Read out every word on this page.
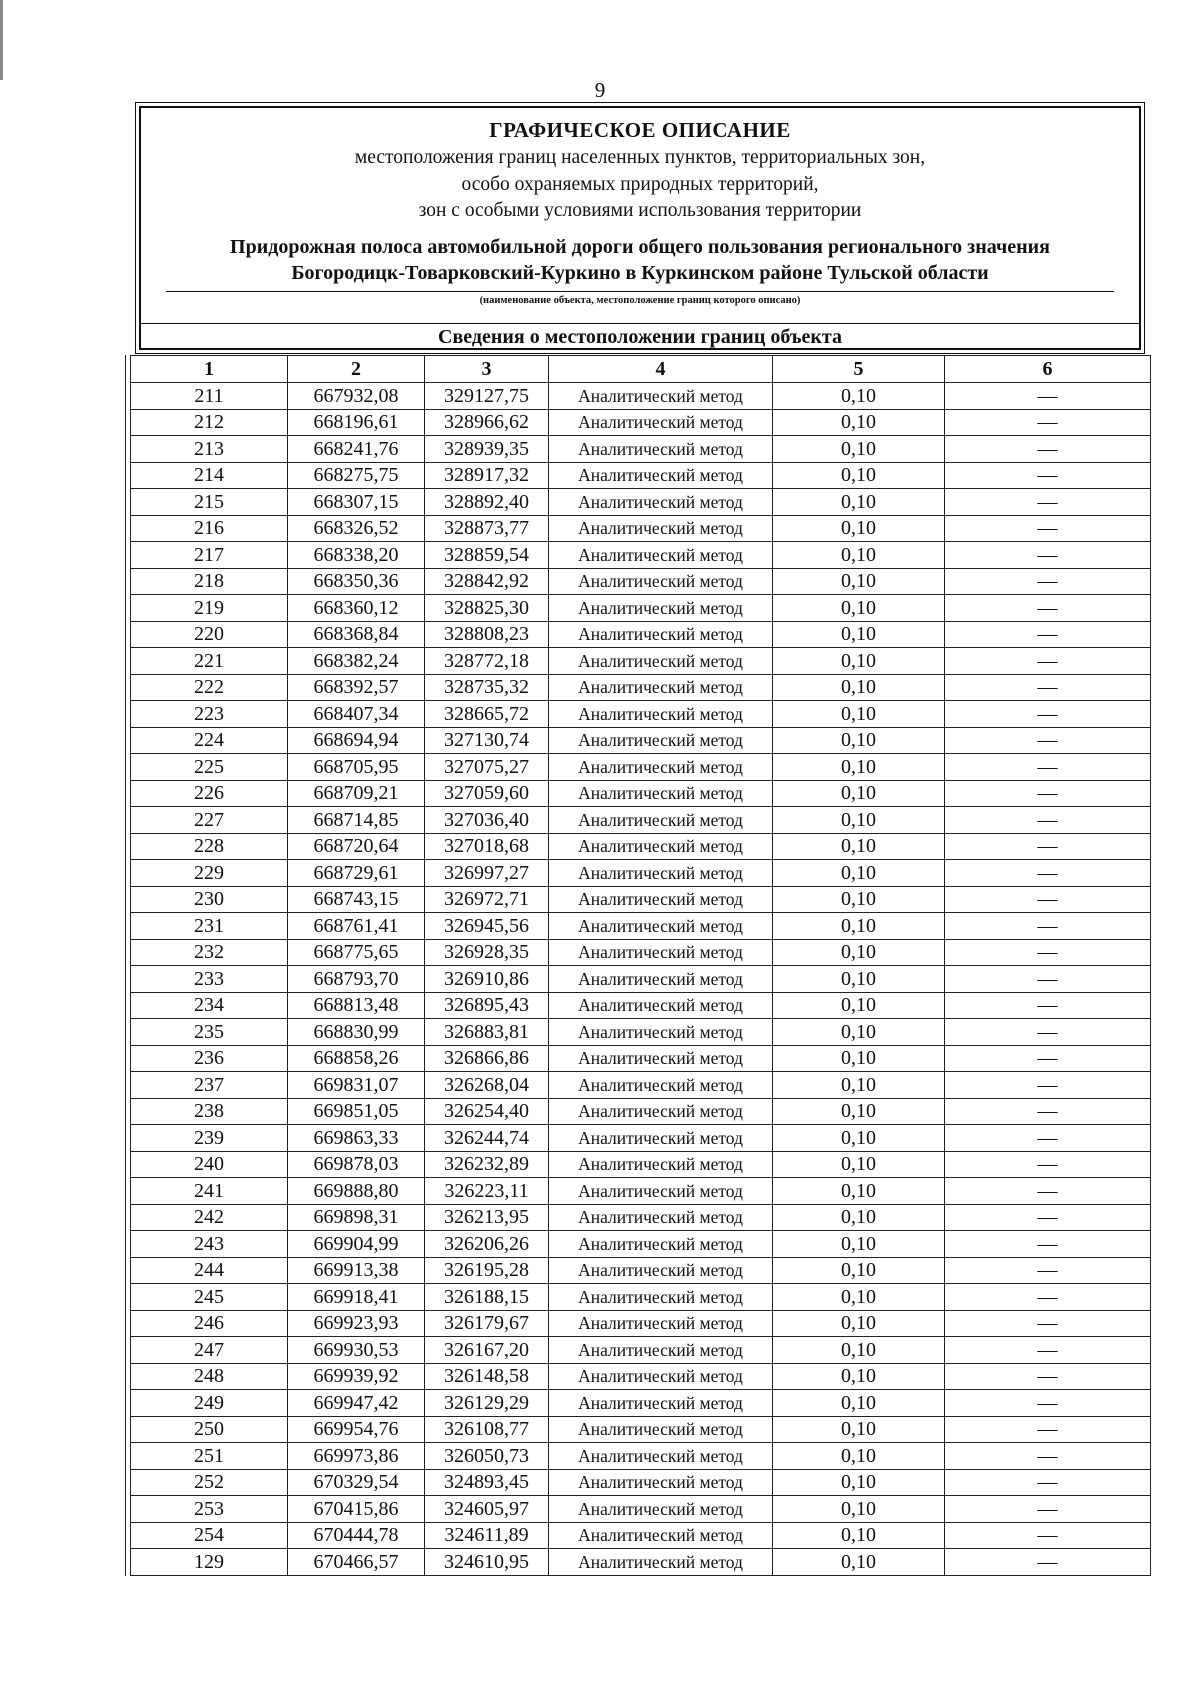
9
ГРАФИЧЕСКОЕ ОПИСАНИЕ
местоположения границ населенных пунктов, территориальных зон,
особо охраняемых природных территорий,
зон с особыми условиями использования территории
Придорожная полоса автомобильной дороги общего пользования регионального значения
Богородицк-Товарковский-Куркино в Куркинском районе Тульской области
(наименование объекта, местоположение границ которого описано)
Сведения о местоположении границ объекта
1	2	3	4	5	6
211	667932,08	329127,75	Аналитический метод	0,10	—
212	668196,61	328966,62	Аналитический метод	0,10	—
213	668241,76	328939,35	Аналитический метод	0,10	—
214	668275,75	328917,32	Аналитический метод	0,10	—
215	668307,15	328892,40	Аналитический метод	0,10	—
216	668326,52	328873,77	Аналитический метод	0,10	—
217	668338,20	328859,54	Аналитический метод	0,10	—
218	668350,36	328842,92	Аналитический метод	0,10	—
219	668360,12	328825,30	Аналитический метод	0,10	—
220	668368,84	328808,23	Аналитический метод	0,10	—
221	668382,24	328772,18	Аналитический метод	0,10	—
222	668392,57	328735,32	Аналитический метод	0,10	—
223	668407,34	328665,72	Аналитический метод	0,10	—
224	668694,94	327130,74	Аналитический метод	0,10	—
225	668705,95	327075,27	Аналитический метод	0,10	—
226	668709,21	327059,60	Аналитический метод	0,10	—
227	668714,85	327036,40	Аналитический метод	0,10	—
228	668720,64	327018,68	Аналитический метод	0,10	—
229	668729,61	326997,27	Аналитический метод	0,10	—
230	668743,15	326972,71	Аналитический метод	0,10	—
231	668761,41	326945,56	Аналитический метод	0,10	—
232	668775,65	326928,35	Аналитический метод	0,10	—
233	668793,70	326910,86	Аналитический метод	0,10	—
234	668813,48	326895,43	Аналитический метод	0,10	—
235	668830,99	326883,81	Аналитический метод	0,10	—
236	668858,26	326866,86	Аналитический метод	0,10	—
237	669831,07	326268,04	Аналитический метод	0,10	—
238	669851,05	326254,40	Аналитический метод	0,10	—
239	669863,33	326244,74	Аналитический метод	0,10	—
240	669878,03	326232,89	Аналитический метод	0,10	—
241	669888,80	326223,11	Аналитический метод	0,10	—
242	669898,31	326213,95	Аналитический метод	0,10	—
243	669904,99	326206,26	Аналитический метод	0,10	—
244	669913,38	326195,28	Аналитический метод	0,10	—
245	669918,41	326188,15	Аналитический метод	0,10	—
246	669923,93	326179,67	Аналитический метод	0,10	—
247	669930,53	326167,20	Аналитический метод	0,10	—
248	669939,92	326148,58	Аналитический метод	0,10	—
249	669947,42	326129,29	Аналитический метод	0,10	—
250	669954,76	326108,77	Аналитический метод	0,10	—
251	669973,86	326050,73	Аналитический метод	0,10	—
252	670329,54	324893,45	Аналитический метод	0,10	—
253	670415,86	324605,97	Аналитический метод	0,10	—
254	670444,78	324611,89	Аналитический метод	0,10	—
129	670466,57	324610,95	Аналитический метод	0,10	—
